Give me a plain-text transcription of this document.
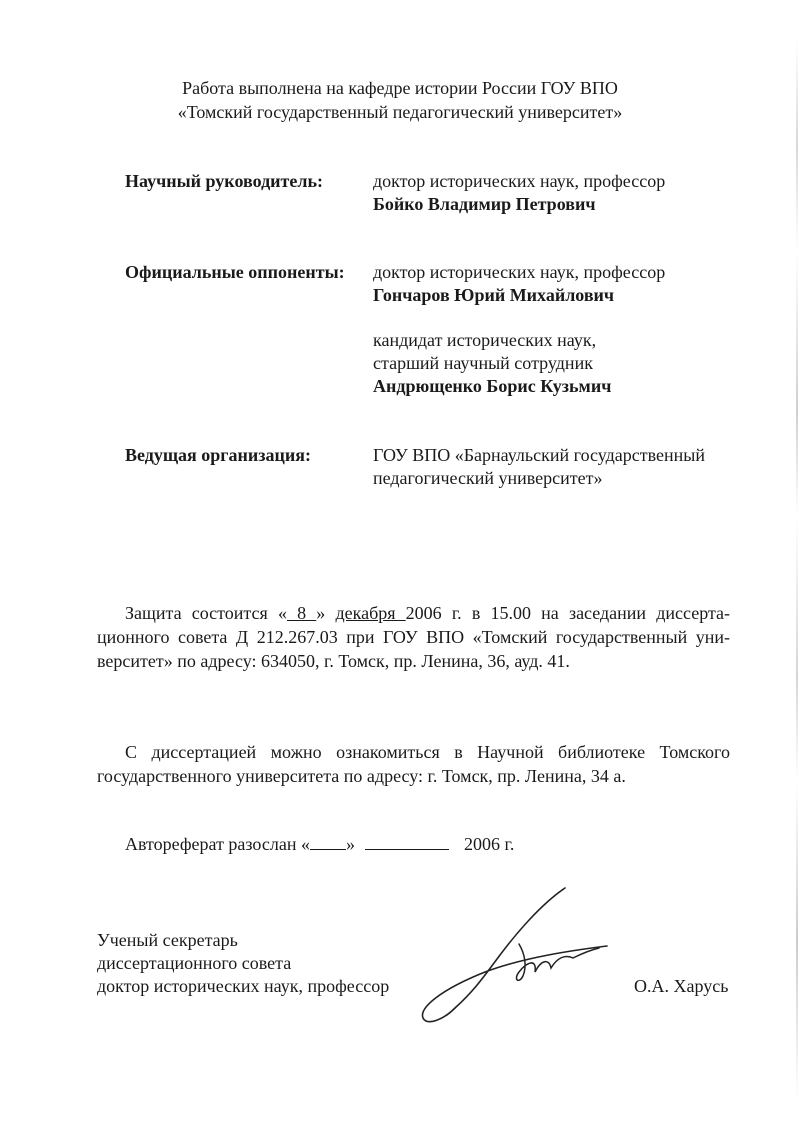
Работа выполнена на кафедре истории России ГОУ ВПО
«Томский государственный педагогический университет»
Научный руководитель:	доктор исторических наук, профессор
Бойко Владимир Петрович
Официальные оппоненты: доктор исторических наук, профессор
Гончаров Юрий Михайлович
кандидат исторических наук,
старший научный сотрудник
Андрющенко Борис Кузьмич
Ведущая организация:	ГОУ ВПО «Барнаульский государственный
педагогический университет»
Защита состоится « 8 » декабря 2006 г. в 15.00 на заседании диссерта-
ционного совета Д 212.267.03 при ГОУ ВПО «Томский государственный уни-
верситет» по адресу: 634050, г. Томск, пр. Ленина, 36, ауд. 41.
С диссертацией можно ознакомиться в Научной библиотеке Томского
государственного университета по адресу: г. Томск, пр. Ленина, 34 а.
Автореферат разослан « »	2006 г.
Ученый секретарь
диссертационного совета
доктор исторических наук, профессор	О.А. Харусь
